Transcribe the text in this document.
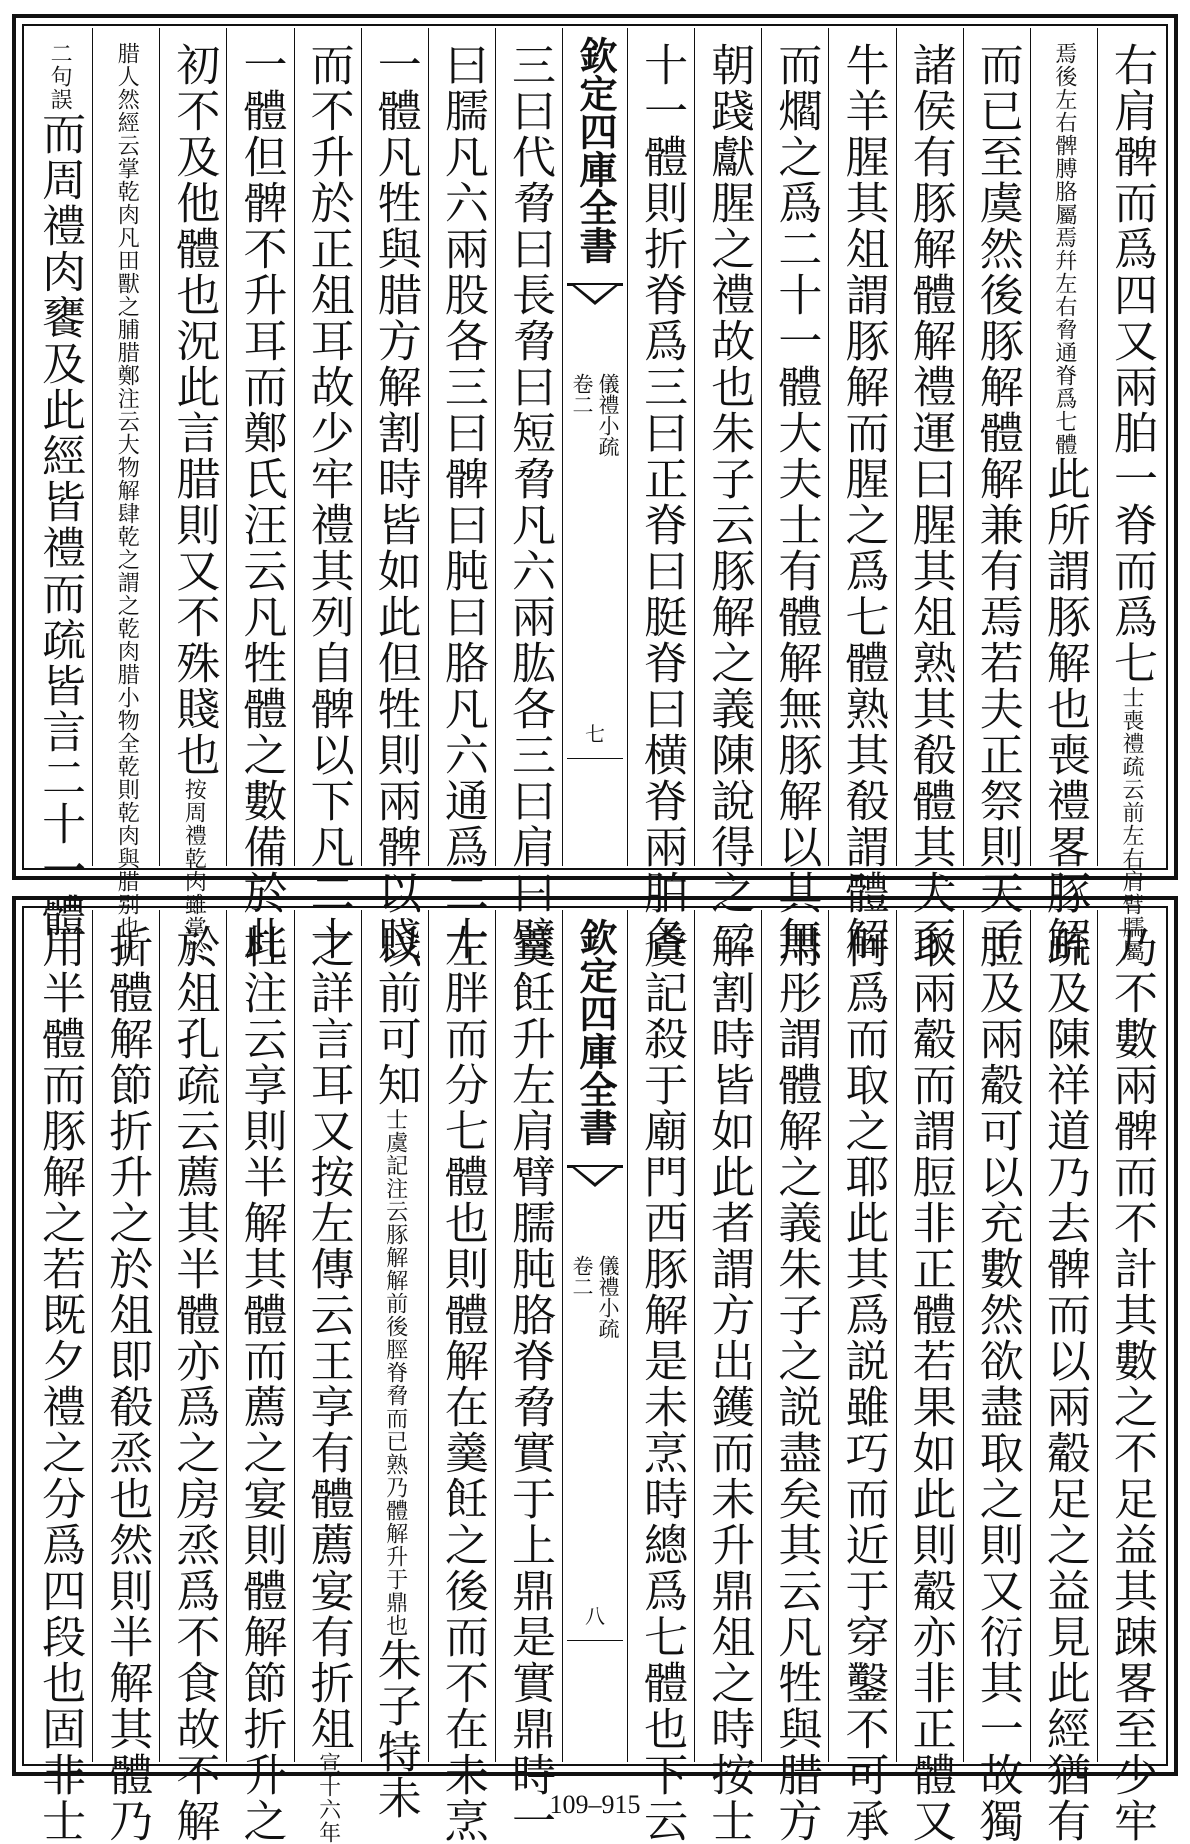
右肩髀而爲四又兩胉一脊而爲七士喪禮疏云前左右肩臂臑屬
焉後左右髀膊胳屬焉幷左右脅通脊爲七體此所謂豚解也喪禮畧豚解
而已至虞然後豚解體解兼有焉若夫正祭則天子
諸侯有豚解體解禮運曰腥其俎熟其殽體其犬豕
牛羊腥其俎謂豚解而腥之爲七體熟其殽謂體解
而爓之爲二十一體大夫士有體解無豚解以其無
朝踐獻腥之禮故也朱子云豚解之義陳說得之二
十一體則折脊爲三曰正脊曰脡脊曰横脊兩胉各
欽定四庫全書
儀禮小疏
卷二
七
三曰代脅曰長脅曰短脅凡六兩肱各三曰肩曰臂
曰臑凡六兩股各三曰髀曰肫曰胳凡六通爲二十
一體凡牲與腊方解割時皆如此但牲則兩髀以賤
而不升於正俎耳故少牢禮其列自髀以下凡二十
一體但髀不升耳而鄭氏汪云凡牲體之數備於此
初不及他體也況此言腊則又不殊賤也按周禮乾肉雖掌於
腊人然經云掌乾肉凡田獸之脯腊鄭注云大物解肆乾之謂之乾肉腊小物全乾則乾肉與腊别也此
二句誤而周禮肉饔及此經皆禮而疏皆言二十一體
乃不數兩髀而不計其數之不足益其踈畧至少牢
疏及陳祥道乃去髀而以兩觳足之益見此經猶有
脰及兩觳可以充數然欲盡取之則又衍其一故獨
取兩觳而謂脰非正體若果如此則觳亦非正體又
何爲而取之耶此其爲説雖巧而近于穿鑿不可承
用彤謂體解之義朱子之説盡矣其云凡牲與腊方
解割時皆如此者謂方出鑊而未升鼎俎之時按士
虞記殺于廟門西豚解是未烹時總爲七體也下云
欽定四庫全書
儀禮小疏
卷二
八
羹飪升左肩臂臑肫胳脊脅實于上鼎是實鼎時一
左胖而分七體也則體解在羹飪之後而不在未烹
以前可知士虞記注云豚解解前後脛脊脅而已熟乃體解升于鼎也朱子特未
之詳言耳又按左傳云王享有體薦宴有折俎宣十六年
杜注云享則半解其體而薦之宴則體解節折升之
於俎孔疏云薦其半體亦爲之房烝爲不食故不解
折體解節折升之於俎即殽烝也然則半解其體乃
用半體而豚解之若既夕禮之分爲四段也固非士	109–915
